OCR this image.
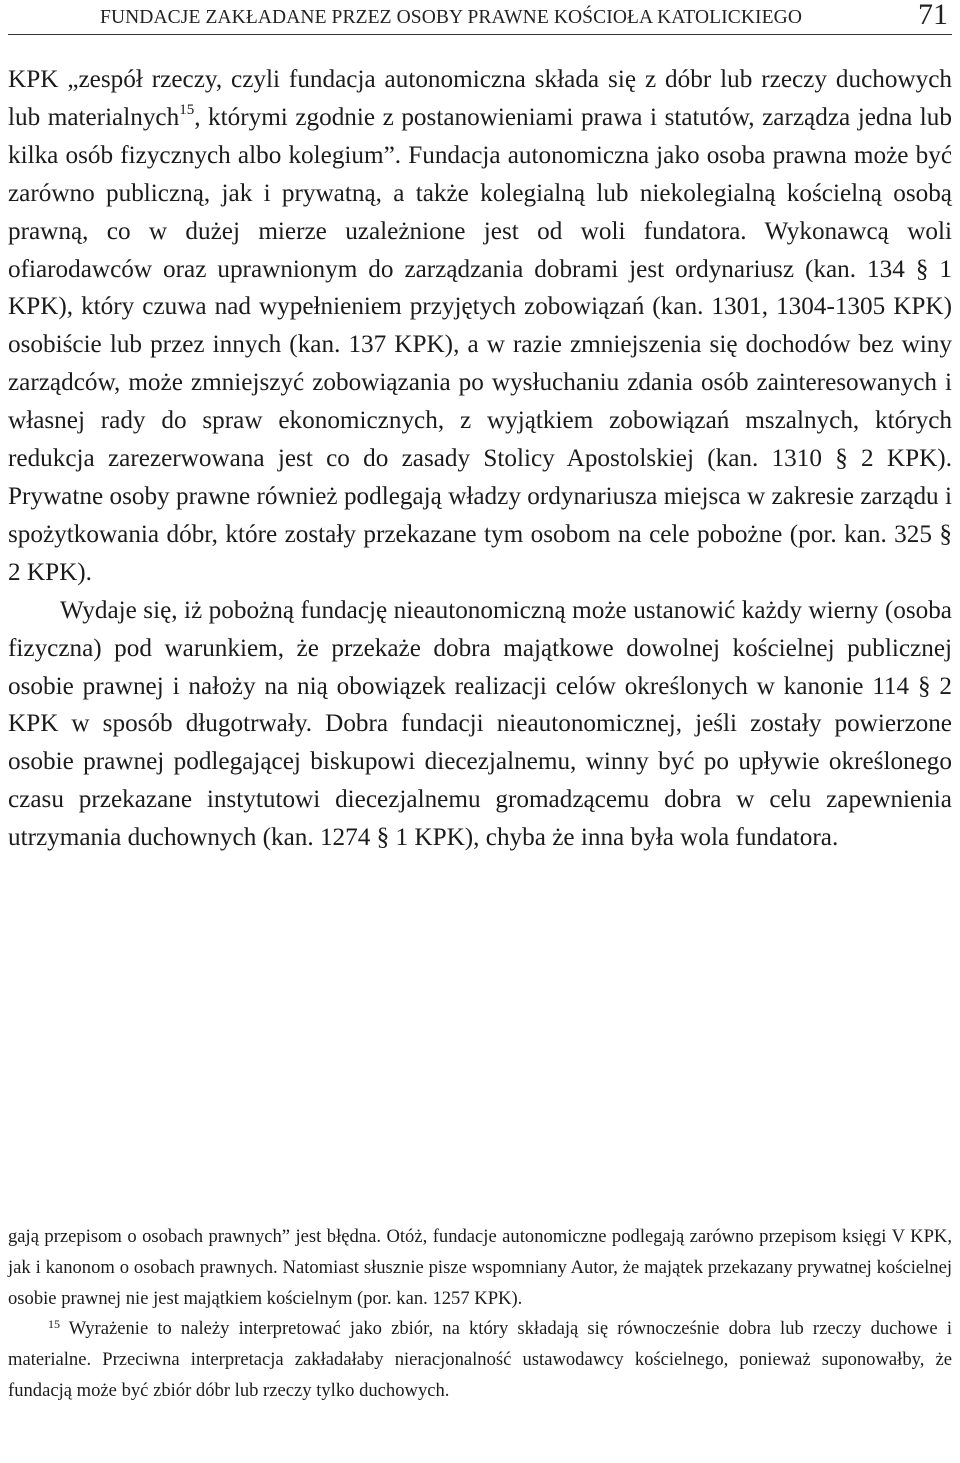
FUNDACJE ZAKŁADANE PRZEZ OSOBY PRAWNE KOŚCIOŁA KATOLICKIEGO	71

KPK „zespół rzeczy, czyli fundacja autonomiczna składa się z dóbr lub rzeczy duchowych lub materialnych$^{15}$, którymi zgodnie z postanowieniami prawa i statutów, zarządza jedna lub kilka osób fizycznych albo kolegium”. Fundacja autonomiczna jako osoba prawna może być zarówno publiczną, jak i prywatną, a także kolegialną lub niekolegialną kościelną osobą prawną, co w dużej mierze uzależnione jest od woli fundatora. Wykonawcą woli ofiarodawców oraz uprawnionym do zarządzania dobrami jest ordynariusz (kan. 134 § 1 KPK), który czuwa nad wypełnieniem przyjętych zobowiązań (kan. 1301, 1304-1305 KPK) osobiście lub przez innych (kan. 137 KPK), a w razie zmniejszenia się dochodów bez winy zarządców, może zmniejszyć zobowiązania po wysłuchaniu zdania osób zainteresowanych i własnej rady do spraw ekonomicznych, z wyjątkiem zobowiązań mszalnych, których redukcja zarezerwowana jest co do zasady Stolicy Apostolskiej (kan. 1310 § 2 KPK). Prywatne osoby prawne również podlegają władzy ordynariusza miejsca w zakresie zarządu i spożytkowania dóbr, które zostały przekazane tym osobom na cele pobożne (por. kan. 325 § 2 KPK).

Wydaje się, iż pobożną fundację nieautonomiczną może ustanowić każdy wierny (osoba fizyczna) pod warunkiem, że przekaże dobra majątkowe dowolnej kościelnej publicznej osobie prawnej i nałoży na nią obowiązek realizacji celów określonych w kanonie 114 § 2 KPK w sposób długotrwały. Dobra fundacji nieautonomicznej, jeśli zostały powierzone osobie prawnej podlegającej biskupowi diecezjalnemu, winny być po upływie określonego czasu przekazane instytutowi diecezjalnemu gromadzącemu dobra w celu zapewnienia utrzymania duchownych (kan. 1274 § 1 KPK), chyba że inna była wola fundatora.

gają przepisom o osobach prawnych” jest błędna. Otóż, fundacje autonomiczne podlegają zarówno przepisom księgi V KPK, jak i kanonom o osobach prawnych. Natomiast słusznie pisze wspomniany Autor, że majątek przekazany prywatnej kościelnej osobie prawnej nie jest majątkiem kościelnym (por. kan. 1257 KPK).

$^{15}$ Wyrażenie to należy interpretować jako zbiór, na który składają się równocześnie dobra lub rzeczy duchowe i materialne. Przeciwna interpretacja zakładałaby nieracjonalność ustawodawcy kościelnego, ponieważ suponowałby, że fundacją może być zbiór dóbr lub rzeczy tylko duchowych.
